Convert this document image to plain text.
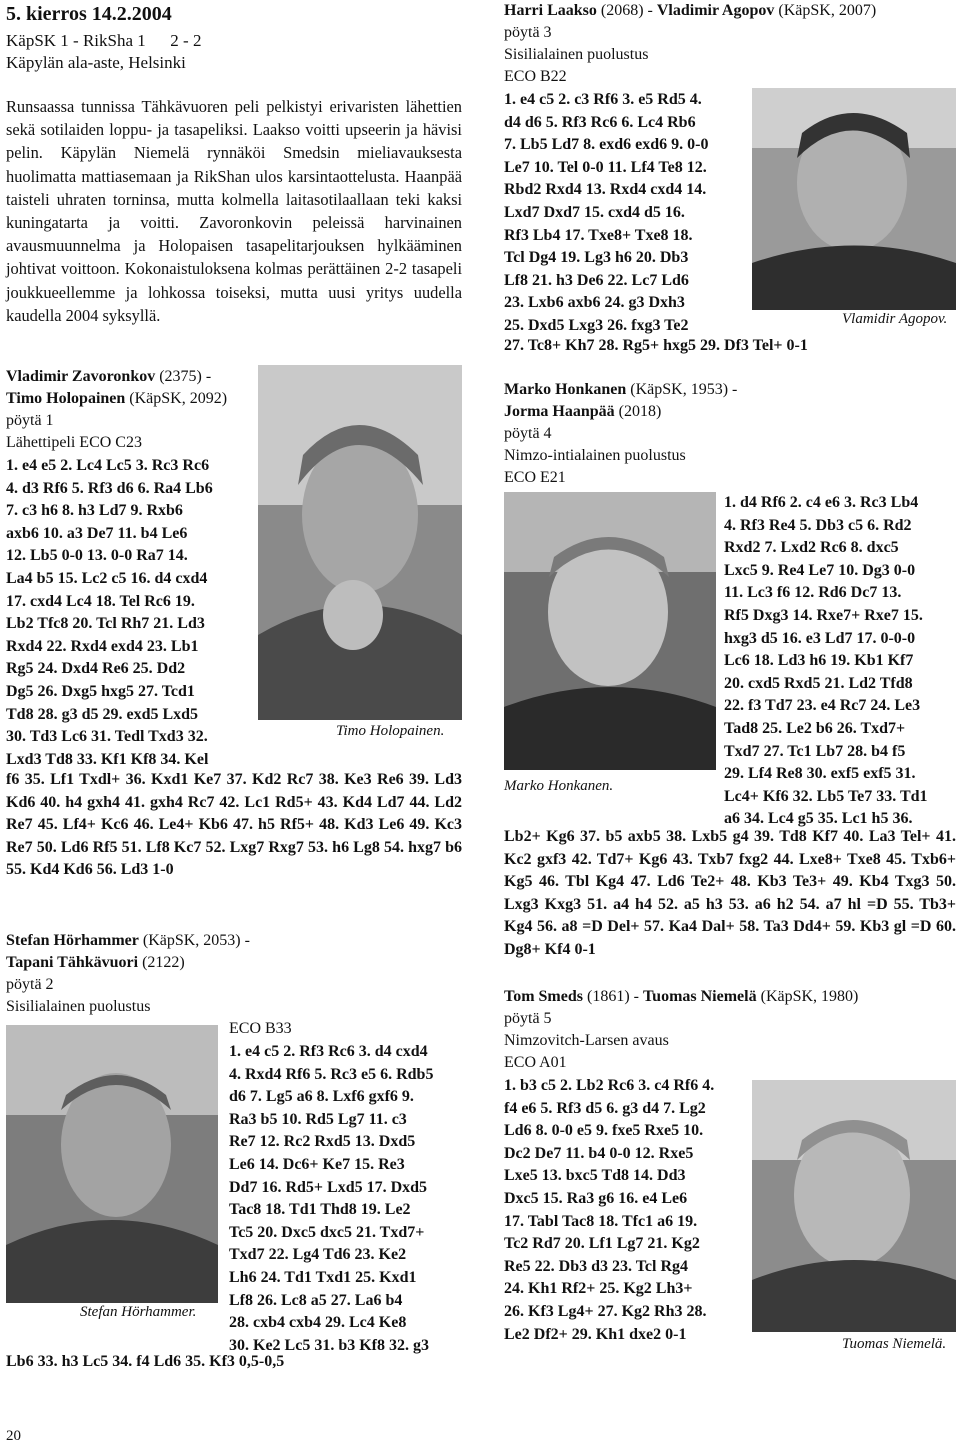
5. kierros 14.2.2004
KäpSK 1 - RikSha 1 2 - 2
Käpylän ala-aste, Helsinki
Runsaassa tunnissa Tähkävuoren peli pelkistyi erivaristen lähettien sekä sotilaiden loppu- ja tasapeliksi. Laakso voitti upseerin ja hävisi pelin. Käpylän Niemelä rynnäköi Smedsin mieliavauksesta huolimatta mattiasemaan ja RikShan ulos karsintaottelusta. Haanpää taisteli uhraten torninsa, mutta kolmella laitasotilaallaan teki kaksi kuningatarta ja voitti. Zavoronkovin peleissä harvinainen avausmuunnelma ja Holopaisen tasapelitarjouksen hylkääminen johtivat voittoon. Kokonaistuloksena kolmas perättäinen 2-2 tasapeli joukkueellemme ja lohkossa toiseksi, mutta uusi yritys uudella kaudella 2004 syksyllä.
Vladimir Zavoronkov (2375) -
Timo Holopainen (KäpSK, 2092)
pöytä 1
Lähettipeli ECO C23
1. e4 e5 2. Lc4 Lc5 3. Rc3 Rc6
4. d3 Rf6 5. Rf3 d6 6. Ra4 Lb6
7. c3 h6 8. h3 Ld7 9. Rxb6
axb6 10. a3 De7 11. b4 Le6
12. Lb5 0-0 13. 0-0 Ra7 14.
La4 b5 15. Lc2 c5 16. d4 cxd4
17. cxd4 Lc4 18. Tel Rc6 19.
Lb2 Tfc8 20. Tcl Rh7 21. Ld3
Rxd4 22. Rxd4 exd4 23. Lb1
Rg5 24. Dxd4 Re6 25. Dd2
Dg5 26. Dxg5 hxg5 27. Tcd1
Td8 28. g3 d5 29. exd5 Lxd5
30. Td3 Lc6 31. Tedl Txd3 32.
Lxd3 Td8 33. Kf1 Kf8 34. Kel
Timo Holopainen.
f6 35. Lf1 Txdl+ 36. Kxd1 Ke7 37. Kd2 Rc7 38. Ke3 Re6 39. Ld3 Kd6 40. h4 gxh4 41. gxh4 Rc7 42. Lc1 Rd5+ 43. Kd4 Ld7 44. Ld2 Re7 45. Lf4+ Kc6 46. Le4+ Kb6 47. h5 Rf5+ 48. Kd3 Le6 49. Kc3 Re7 50. Ld6 Rf5 51. Lf8 Kc7 52. Lxg7 Rxg7 53. h6 Lg8 54. hxg7 b6 55. Kd4 Kd6 56. Ld3 1-0
Stefan Hörhammer (KäpSK, 2053) -
Tapani Tähkävuori (2122)
pöytä 2
Sisilialainen puolustus
Stefan Hörhammer.
ECO B33
1. e4 c5 2. Rf3 Rc6 3. d4 cxd4
4. Rxd4 Rf6 5. Rc3 e5 6. Rdb5
d6 7. Lg5 a6 8. Lxf6 gxf6 9.
Ra3 b5 10. Rd5 Lg7 11. c3
Re7 12. Rc2 Rxd5 13. Dxd5
Le6 14. Dc6+ Ke7 15. Re3
Dd7 16. Rd5+ Lxd5 17. Dxd5
Tac8 18. Td1 Thd8 19. Le2
Tc5 20. Dxc5 dxc5 21. Txd7+
Txd7 22. Lg4 Td6 23. Ke2
Lh6 24. Td1 Txd1 25. Kxd1
Lf8 26. Lc8 a5 27. La6 b4
28. cxb4 cxb4 29. Lc4 Ke8
30. Ke2 Lc5 31. b3 Kf8 32. g3
Lb6 33. h3 Lc5 34. f4 Ld6 35. Kf3 0,5-0,5
Harri Laakso (2068) - Vladimir Agopov (KäpSK, 2007)
pöytä 3
Sisilialainen puolustus
ECO B22
1. e4 c5 2. c3 Rf6 3. e5 Rd5 4.
d4 d6 5. Rf3 Rc6 6. Lc4 Rb6
7. Lb5 Ld7 8. exd6 exd6 9. 0-0
Le7 10. Tel 0-0 11. Lf4 Te8 12.
Rbd2 Rxd4 13. Rxd4 cxd4 14.
Lxd7 Dxd7 15. cxd4 d5 16.
Rf3 Lb4 17. Txe8+ Txe8 18.
Tcl Dg4 19. Lg3 h6 20. Db3
Lf8 21. h3 De6 22. Lc7 Ld6
23. Lxb6 axb6 24. g3 Dxh3
25. Dxd5 Lxg3 26. fxg3 Te2	Vlamidir Agopov.
27. Tc8+ Kh7 28. Rg5+ hxg5 29. Df3 Tel+ 0-1
Marko Honkanen (KäpSK, 1953) -
Jorma Haanpää (2018)
pöytä 4
Nimzo-intialainen puolustus
ECO E21
Marko Honkanen.
1. d4 Rf6 2. c4 e6 3. Rc3 Lb4
4. Rf3 Re4 5. Db3 c5 6. Rd2
Rxd2 7. Lxd2 Rc6 8. dxc5
Lxc5 9. Re4 Le7 10. Dg3 0-0
11. Lc3 f6 12. Rd6 Dc7 13.
Rf5 Dxg3 14. Rxe7+ Rxe7 15.
hxg3 d5 16. e3 Ld7 17. 0-0-0
Lc6 18. Ld3 h6 19. Kb1 Kf7
20. cxd5 Rxd5 21. Ld2 Tfd8
22. f3 Td7 23. e4 Rc7 24. Le3
Tad8 25. Le2 b6 26. Txd7+
Txd7 27. Tc1 Lb7 28. b4 f5
29. Lf4 Re8 30. exf5 exf5 31.
Lc4+ Kf6 32. Lb5 Te7 33. Td1
a6 34. Lc4 g5 35. Lc1 h5 36.
Lb2+ Kg6 37. b5 axb5 38. Lxb5 g4 39. Td8 Kf7 40. La3 Tel+ 41. Kc2 gxf3 42. Td7+ Kg6 43. Txb7 fxg2 44. Lxe8+ Txe8 45. Txb6+ Kg5 46. Tbl Kg4 47. Ld6 Te2+ 48. Kb3 Te3+ 49. Kb4 Txg3 50. Lxg3 Kxg3 51. a4 h4 52. a5 h3 53. a6 h2 54. a7 hl =D 55. Tb3+ Kg4 56. a8 =D Del+ 57. Ka4 Dal+ 58. Ta3 Dd4+ 59. Kb3 gl =D 60. Dg8+ Kf4 0-1
Tom Smeds (1861) - Tuomas Niemelä (KäpSK, 1980)
pöytä 5
Nimzovitch-Larsen avaus
ECO A01
1. b3 c5 2. Lb2 Rc6 3. c4 Rf6 4.
f4 e6 5. Rf3 d5 6. g3 d4 7. Lg2
Ld6 8. 0-0 e5 9. fxe5 Rxe5 10.
Dc2 De7 11. b4 0-0 12. Rxe5
Lxe5 13. bxc5 Td8 14. Dd3
Dxc5 15. Ra3 g6 16. e4 Le6
17. Tabl Tac8 18. Tfc1 a6 19.
Tc2 Rd7 20. Lf1 Lg7 21. Kg2
Re5 22. Db3 d3 23. Tcl Rg4
24. Kh1 Rf2+ 25. Kg2 Lh3+
26. Kf3 Lg4+ 27. Kg2 Rh3 28.
Le2 Df2+ 29. Kh1 dxe2 0-1
Tuomas Niemelä.
20
